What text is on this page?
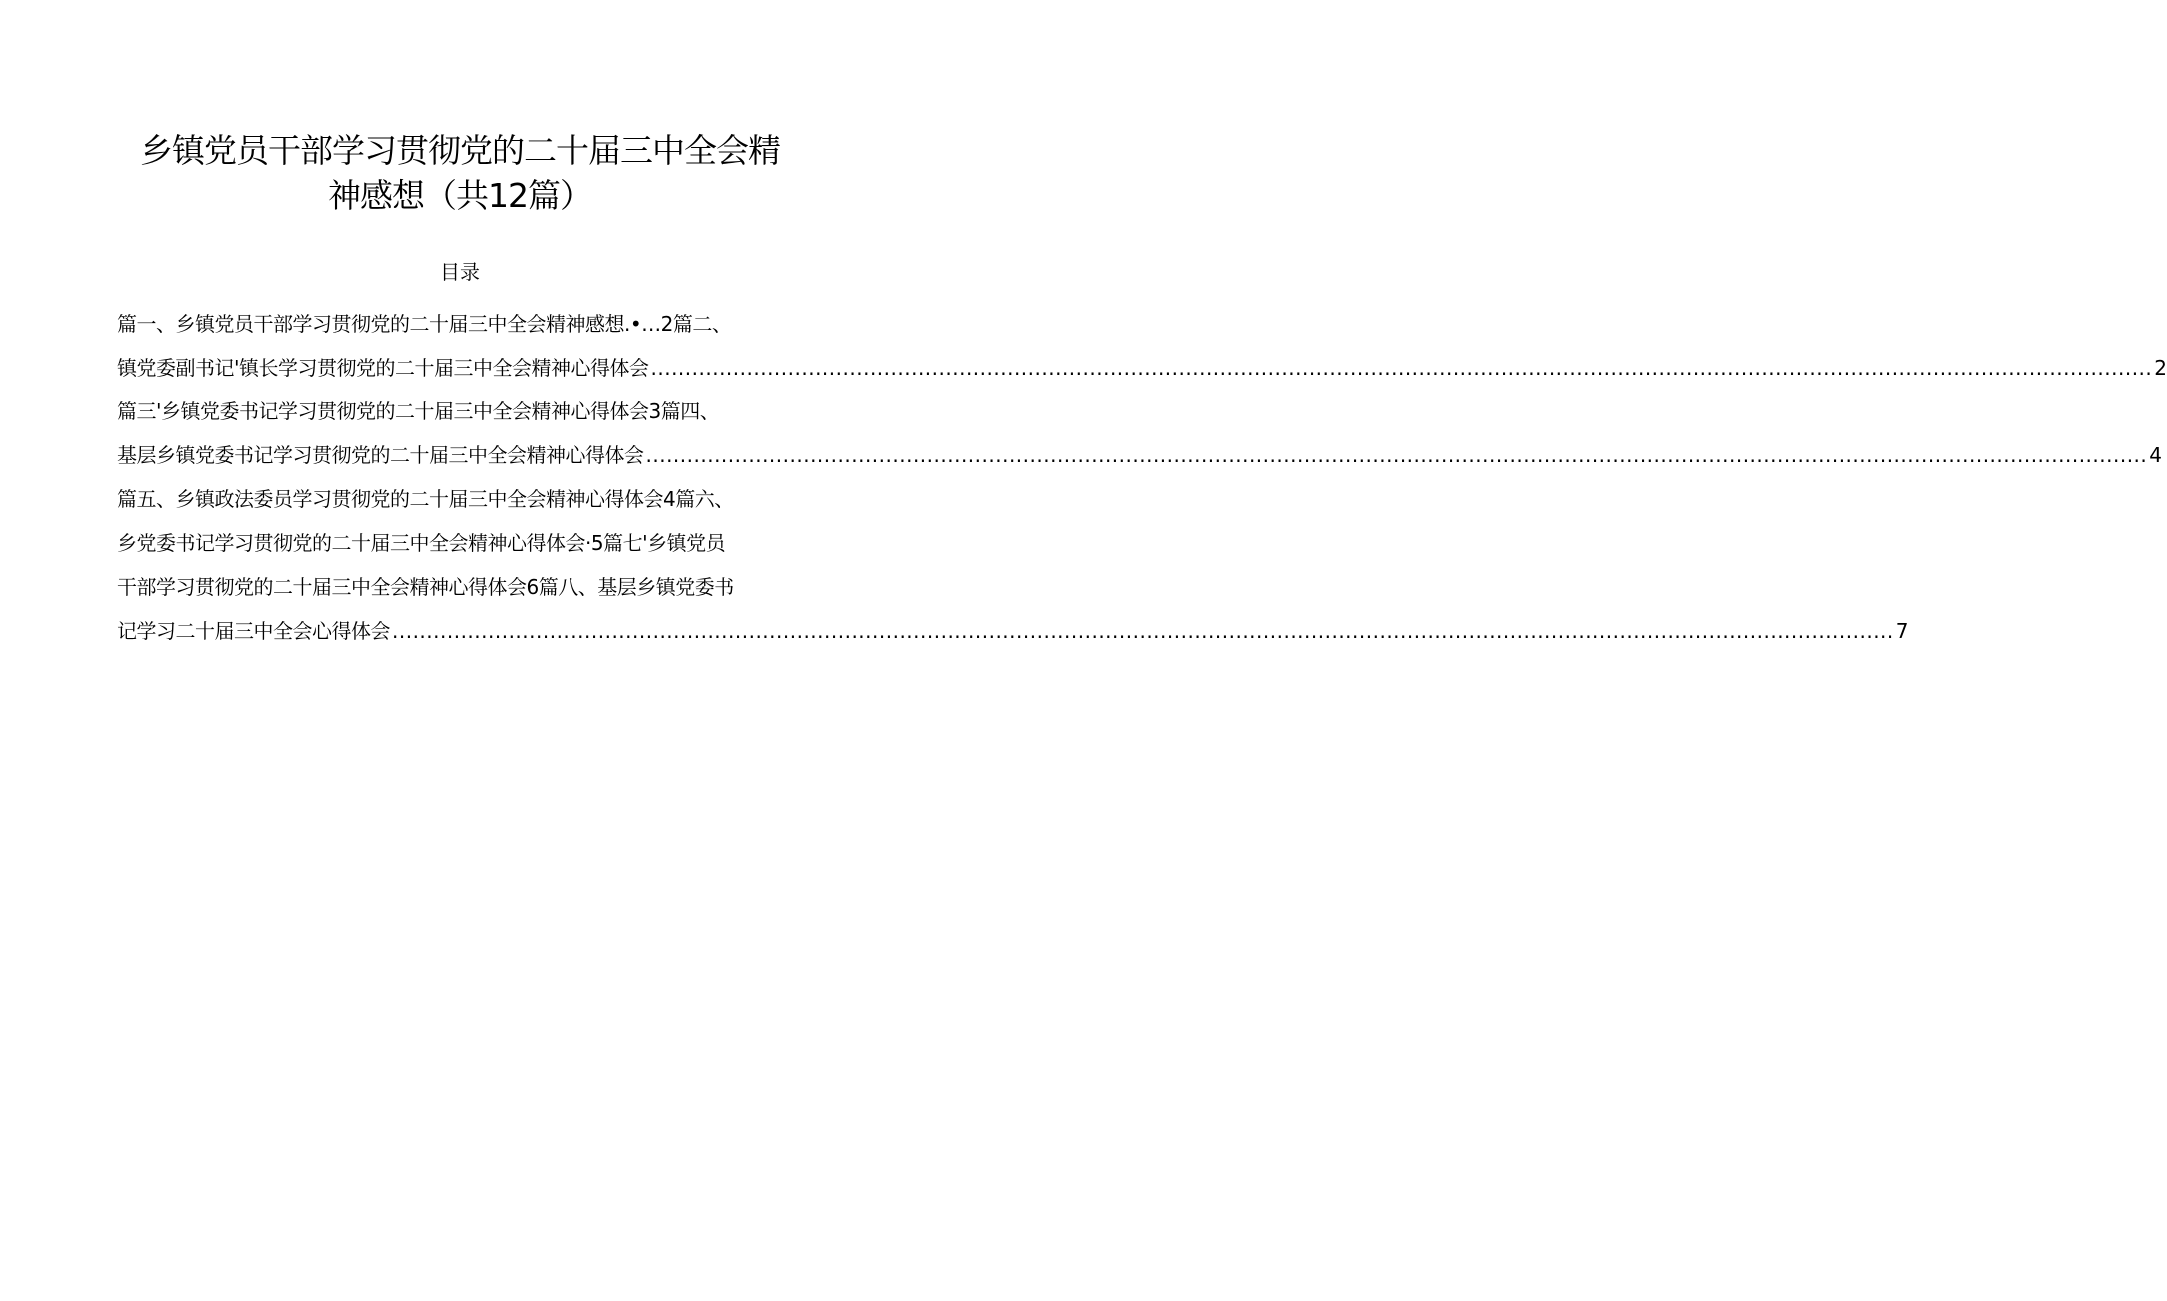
乡镇党员干部学习贯彻党的二十届三中全会精
神感想（共12篇）
目录
篇一、乡镇党员干部学习贯彻党的二十届三中全会精神感想.•…2篇二、
镇党委副书记'镇长学习贯彻党的二十届三中全会精神心得体会 ........................................................................................................................................................................................................................... 2
篇三'乡镇党委书记学习贯彻党的二十届三中全会精神心得体会3篇四、
基层乡镇党委书记学习贯彻党的二十届三中全会精神心得体会 ........................................................................................................................................................................................................................... 4
篇五、乡镇政法委员学习贯彻党的二十届三中全会精神心得体会4篇六、
乡党委书记学习贯彻党的二十届三中全会精神心得体会·5篇七'乡镇党员
干部学习贯彻党的二十届三中全会精神心得体会6篇八、基层乡镇党委书
记学习二十届三中全会心得体会 ........................................................................................................................................................................................................................... 7
